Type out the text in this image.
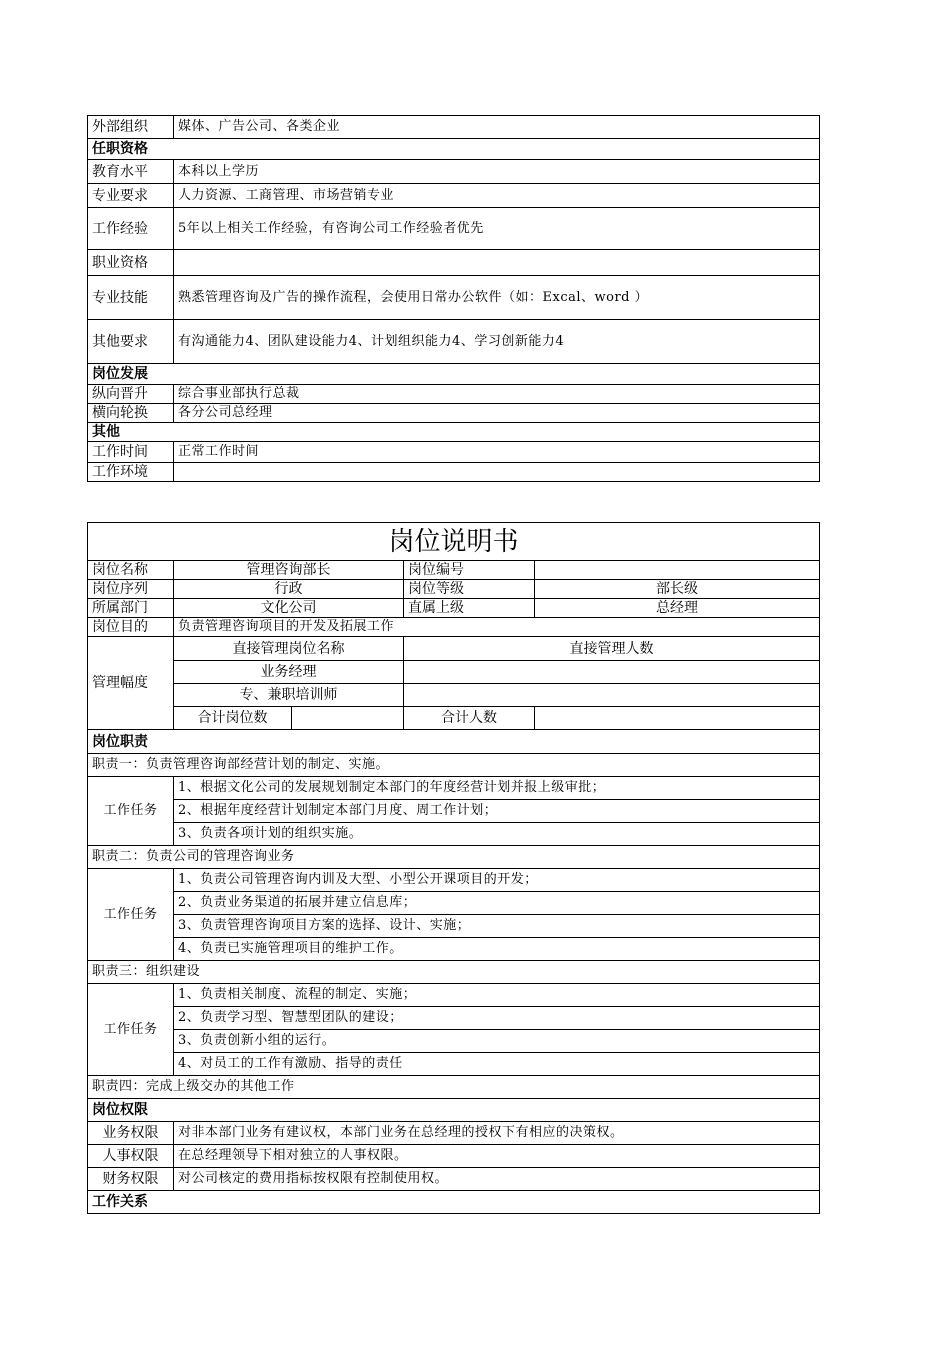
外部组织	媒体、广告公司、各类企业
任职资格	
教育水平	本科以上学历
专业要求	人力资源、工商管理、市场营销专业
工作经验	5年以上相关工作经验，有咨询公司工作经验者优先
职业资格	
专业技能	熟悉管理咨询及广告的操作流程，会使用日常办公软件（如：Excal、word ）
其他要求	有沟通能力4、团队建设能力4、计划组织能力4、学习创新能力4
岗位发展	
纵向晋升	综合事业部执行总裁
横向轮换	各分公司总经理
其他	
工作时间	正常工作时间
工作环境	
岗位说明书				
岗位名称	管理咨询部长		岗位编号	
岗位序列	行政		岗位等级	部长级
所属部门	文化公司		直属上级	总经理
岗位目的	负责管理咨询项目的开发及拓展工作			
管理幅度	直接管理岗位名称		直接管理人数	
	业务经理			
	专、兼职培训师			
	合计岗位数		合计人数	
岗位职责				
职责一：负责管理咨询部经营计划的制定、实施。				
工作任务	1、根据文化公司的发展规划制定本部门的年度经营计划并报上级审批；			
	2、根据年度经营计划制定本部门月度、周工作计划；			
	3、负责各项计划的组织实施。			
职责二：负责公司的管理咨询业务				
工作任务	1、负责公司管理咨询内训及大型、小型公开课项目的开发；			
	2、负责业务渠道的拓展并建立信息库；			
	3、负责管理咨询项目方案的选择、设计、实施；			
	4、负责已实施管理项目的维护工作。			
职责三：组织建设				
工作任务	1、负责相关制度、流程的制定、实施；			
	2、负责学习型、智慧型团队的建设；			
	3、负责创新小组的运行。			
	4、对员工的工作有激励、指导的责任			
职责四：完成上级交办的其他工作				
岗位权限				
业务权限	对非本部门业务有建议权，本部门业务在总经理的授权下有相应的决策权。			
人事权限	在总经理领导下相对独立的人事权限。			
财务权限	对公司核定的费用指标按权限有控制使用权。			
工作关系				
